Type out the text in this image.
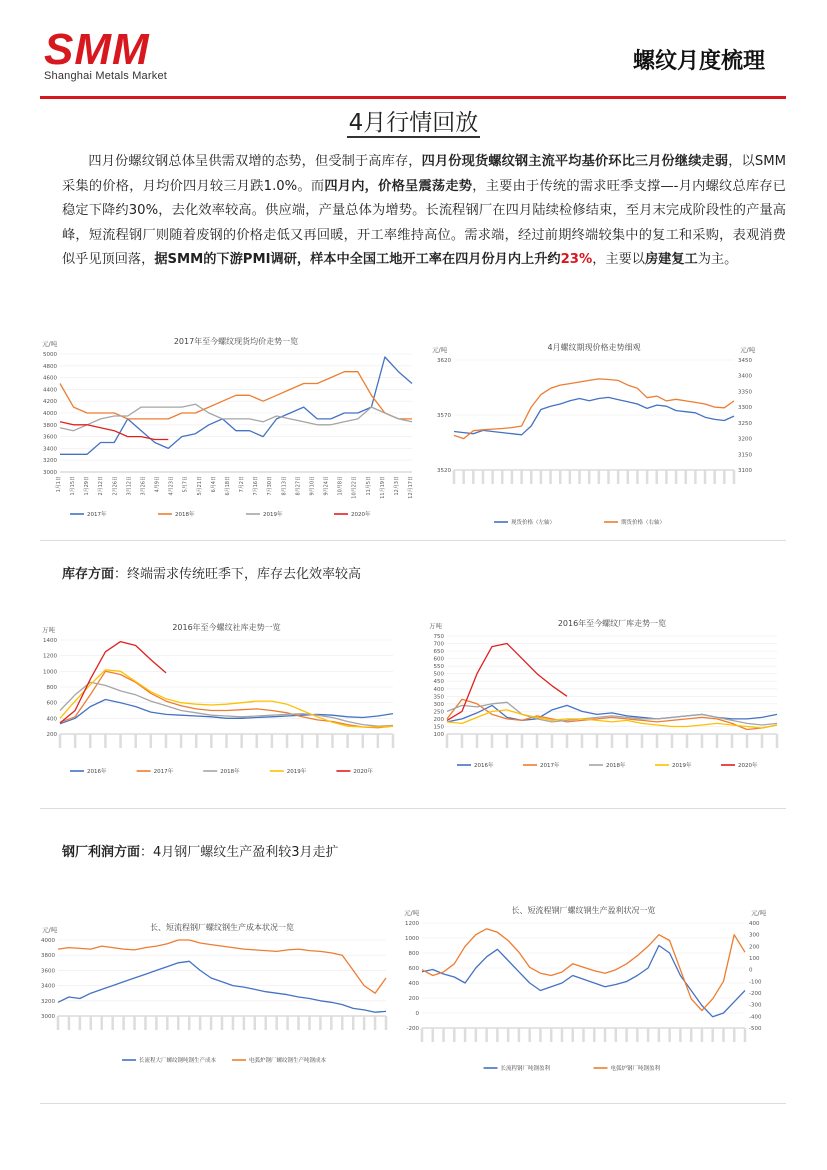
SMM
Shanghai Metals Market
螺纹月度梳理
4月行情回放
四月份螺纹钢总体呈供需双增的态势，但受制于高库存，四月份现货螺纹钢主流平均基价环比三月份继续走弱，以SMM采集的价格，月均价四月较三月跌1.0%。而四月内，价格呈震荡走势，主要由于传统的需求旺季支撑—-月内螺纹总库存已稳定下降约30%，去化效率较高。供应端，产量总体为增势。长流程钢厂在四月陆续检修结束，至月末完成阶段性的产量高峰，短流程钢厂则随着废钢的价格走低又再回暖，开工率维持高位。需求端，经过前期终端较集中的复工和采购，表观消费似乎见顶回落，据SMM的下游PMI调研，样本中全国工地开工率在四月份月内上升约23%，主要以房建复工为主。
2017年至今螺纹现货均价走势一览
元/吨
5000
4800
4600
4400
4200
4000
3800
3600
3400
3200
3000
1月1日 1月15日 1月29日 2月12日 2月26日 3月12日 3月26日 4月9日 4月23日 5月7日 5月21日 6月4日 6月18日 7月2日 7月16日 7月30日 8月13日 8月27日 9月10日 9月24日 10月8日 10月22日 11月5日 11月19日 12月3日 12月17日
2017年	2018年	2019年	2020年
4月螺纹期现价格走势细观
元/吨	元/吨
3620
3570
3520
3450
3400
3350
3300
3250
3200
3150
3100
现货价格（左轴）	期货价格（右轴）
库存方面：终端需求传统旺季下，库存去化效率较高
2016年至今螺纹社库走势一览
万吨
1400
1200
1000
800
600
400
200
2016年	2017年	2018年	2019年	2020年
2016年至今螺纹厂库走势一览
万吨
750
700
650
600
550
500
450
400
350
300
250
200
150
100
2016年	2017年	2018年	2019年	2020年
钢厂利润方面：4月钢厂螺纹生产盈利较3月走扩
长、短流程钢厂螺纹钢生产成本状况一览
元/吨
4000
3800
3600
3400
3200
3000
长流程大厂螺纹钢吨钢生产成本	电弧炉钢厂螺纹钢生产吨钢成本
长、短流程钢厂螺纹钢生产盈利状况一览
元/吨	元/吨
1200
1000
800
600
400
200
0
-200
400
300
200
100
0
-100
-200
-300
-400
-500
长流程钢厂吨钢盈利	电弧炉钢厂吨钢盈利
